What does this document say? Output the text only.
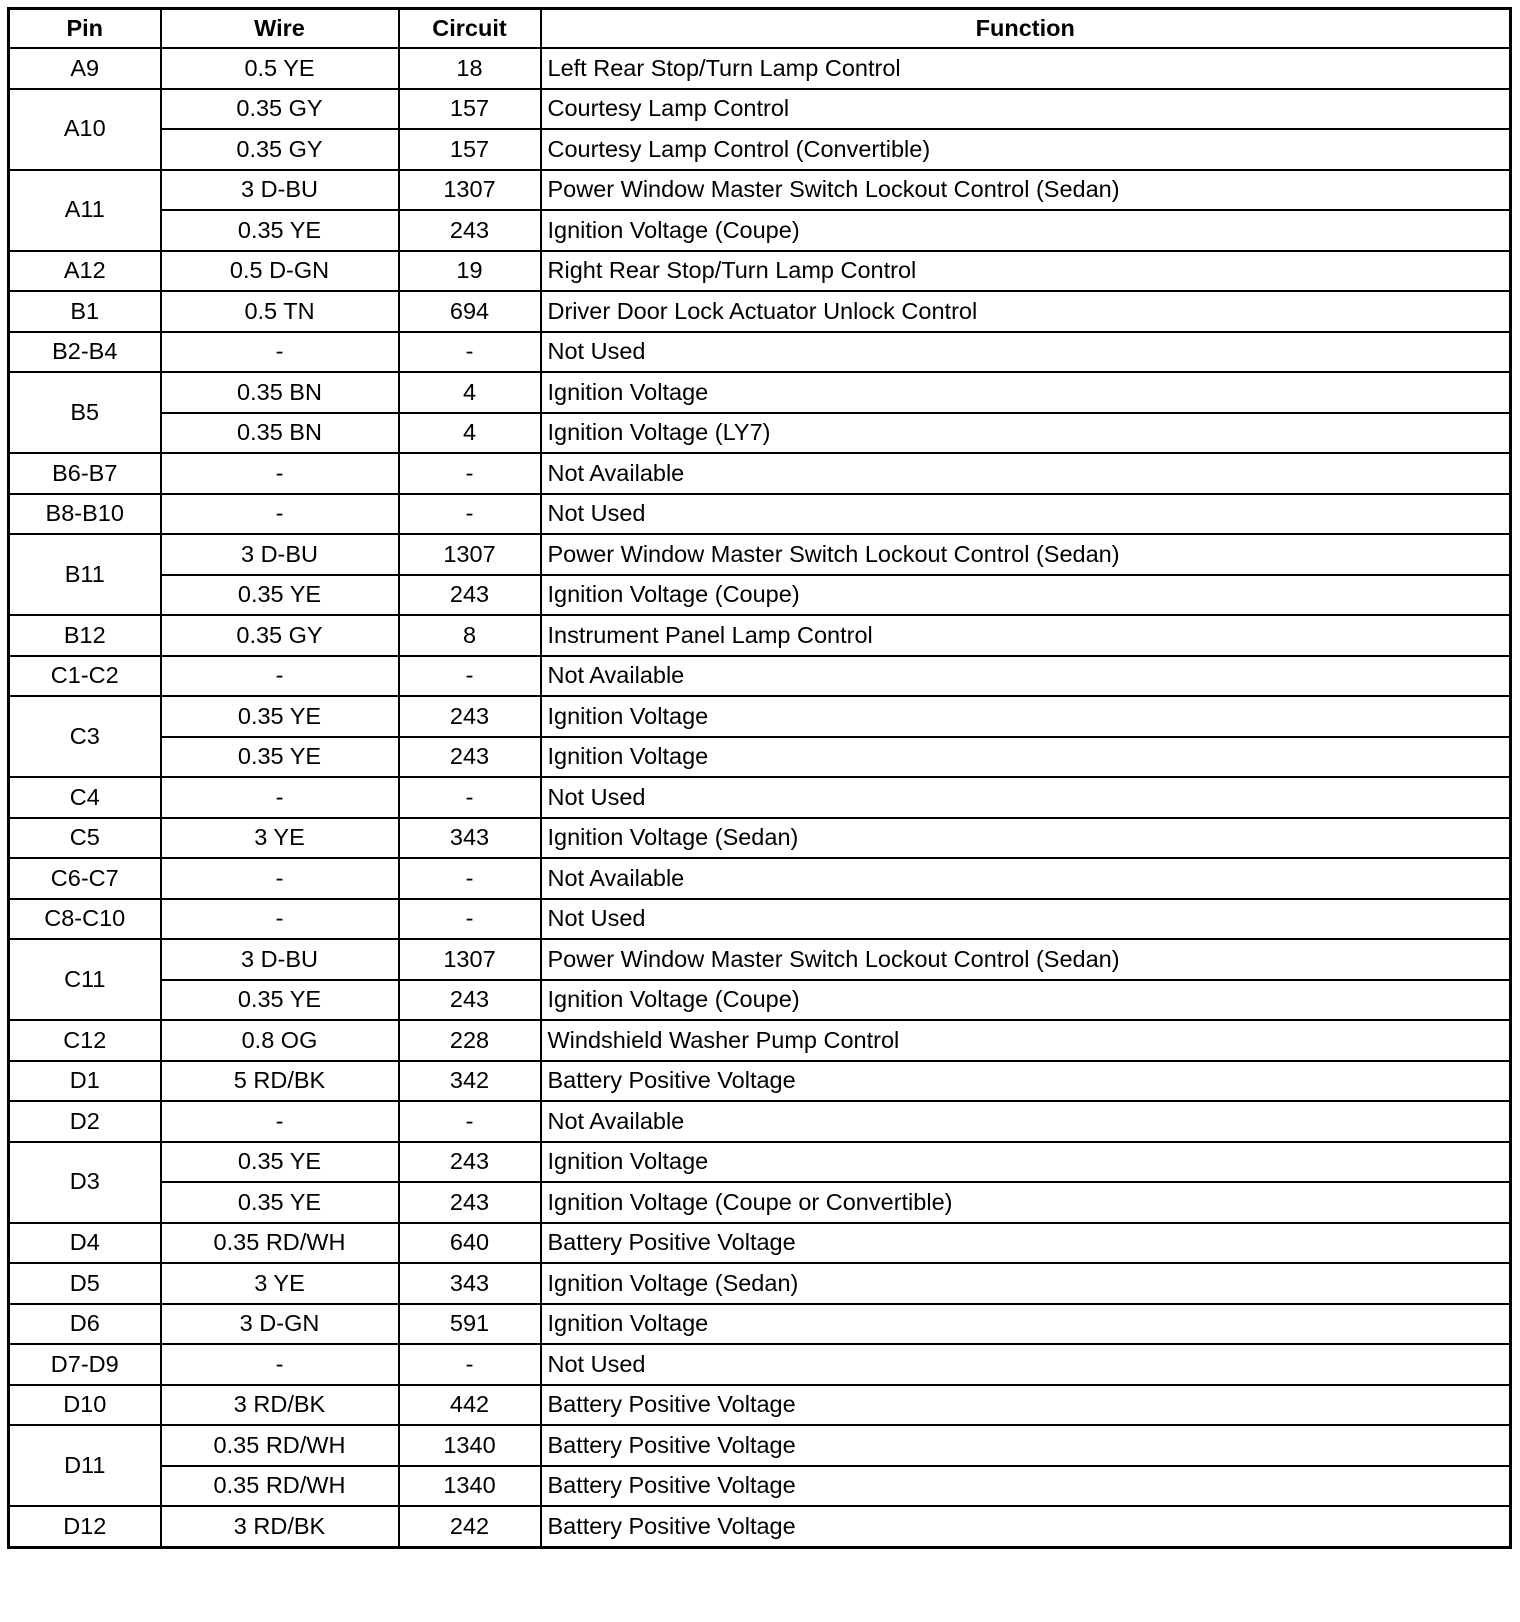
Pin	Wire	Circuit	Function
A9	0.5 YE	18	Left Rear Stop/Turn Lamp Control
A10	0.35 GY	157	Courtesy Lamp Control
	0.35 GY	157	Courtesy Lamp Control (Convertible)
A11	3 D-BU	1307	Power Window Master Switch Lockout Control (Sedan)
	0.35 YE	243	Ignition Voltage (Coupe)
A12	0.5 D-GN	19	Right Rear Stop/Turn Lamp Control
B1	0.5 TN	694	Driver Door Lock Actuator Unlock Control
B2-B4	-	-	Not Used
B5	0.35 BN	4	Ignition Voltage
	0.35 BN	4	Ignition Voltage (LY7)
B6-B7	-	-	Not Available
B8-B10	-	-	Not Used
B11	3 D-BU	1307	Power Window Master Switch Lockout Control (Sedan)
	0.35 YE	243	Ignition Voltage (Coupe)
B12	0.35 GY	8	Instrument Panel Lamp Control
C1-C2	-	-	Not Available
C3	0.35 YE	243	Ignition Voltage
	0.35 YE	243	Ignition Voltage
C4	-	-	Not Used
C5	3 YE	343	Ignition Voltage (Sedan)
C6-C7	-	-	Not Available
C8-C10	-	-	Not Used
C11	3 D-BU	1307	Power Window Master Switch Lockout Control (Sedan)
	0.35 YE	243	Ignition Voltage (Coupe)
C12	0.8 OG	228	Windshield Washer Pump Control
D1	5 RD/BK	342	Battery Positive Voltage
D2	-	-	Not Available
D3	0.35 YE	243	Ignition Voltage
	0.35 YE	243	Ignition Voltage (Coupe or Convertible)
D4	0.35 RD/WH	640	Battery Positive Voltage
D5	3 YE	343	Ignition Voltage (Sedan)
D6	3 D-GN	591	Ignition Voltage
D7-D9	-	-	Not Used
D10	3 RD/BK	442	Battery Positive Voltage
D11	0.35 RD/WH	1340	Battery Positive Voltage
	0.35 RD/WH	1340	Battery Positive Voltage
D12	3 RD/BK	242	Battery Positive Voltage
